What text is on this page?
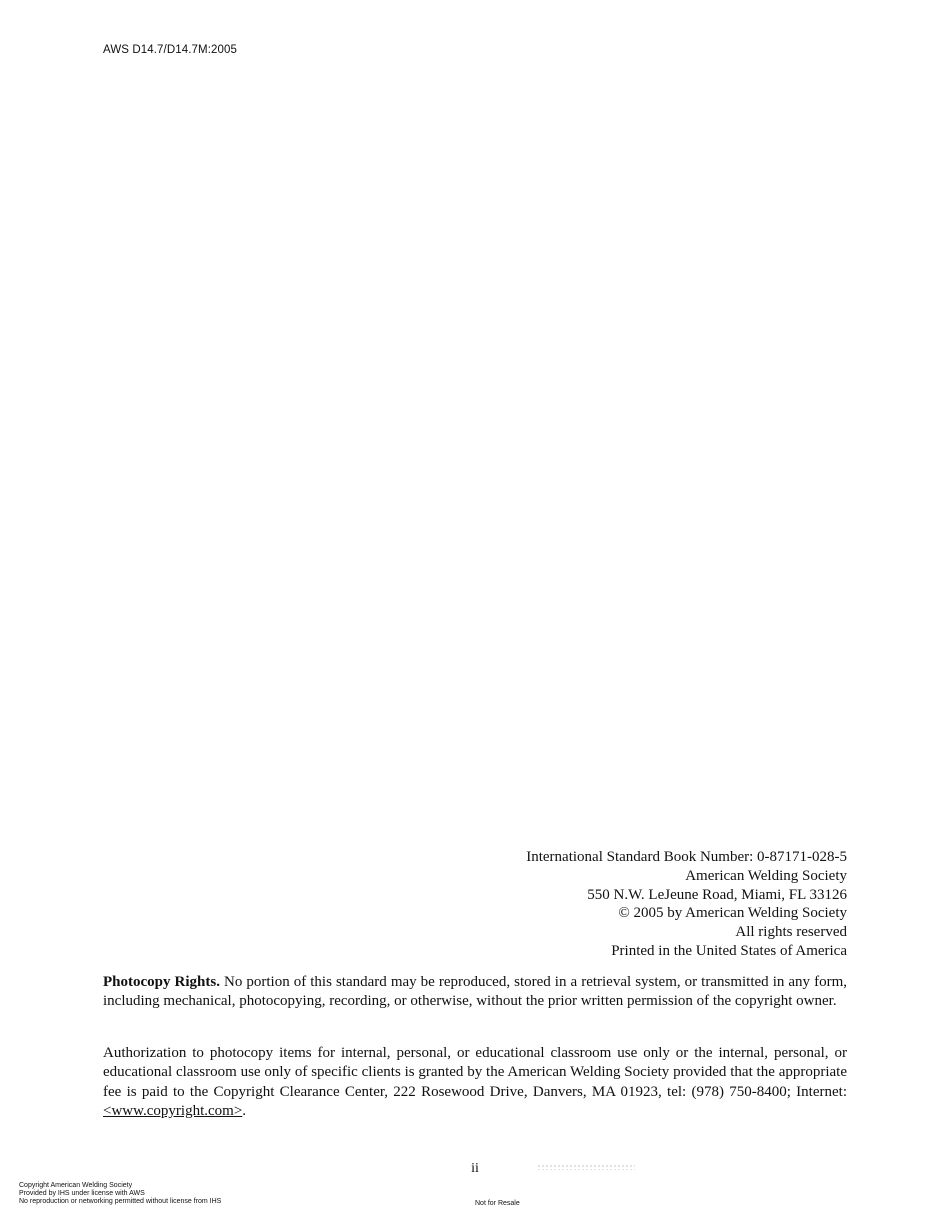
AWS D14.7/D14.7M:2005
International Standard Book Number: 0-87171-028-5
American Welding Society
550 N.W. LeJeune Road, Miami, FL 33126
© 2005 by American Welding Society
All rights reserved
Printed in the United States of America
Photocopy Rights. No portion of this standard may be reproduced, stored in a retrieval system, or transmitted in any form, including mechanical, photocopying, recording, or otherwise, without the prior written permission of the copyright owner.
Authorization to photocopy items for internal, personal, or educational classroom use only or the internal, personal, or educational classroom use only of specific clients is granted by the American Welding Society provided that the appropriate fee is paid to the Copyright Clearance Center, 222 Rosewood Drive, Danvers, MA 01923, tel: (978) 750-8400; Internet: <www.copyright.com>.
ii
Copyright American Welding Society
Provided by IHS under license with AWS
No reproduction or networking permitted without license from IHS	Not for Resale
